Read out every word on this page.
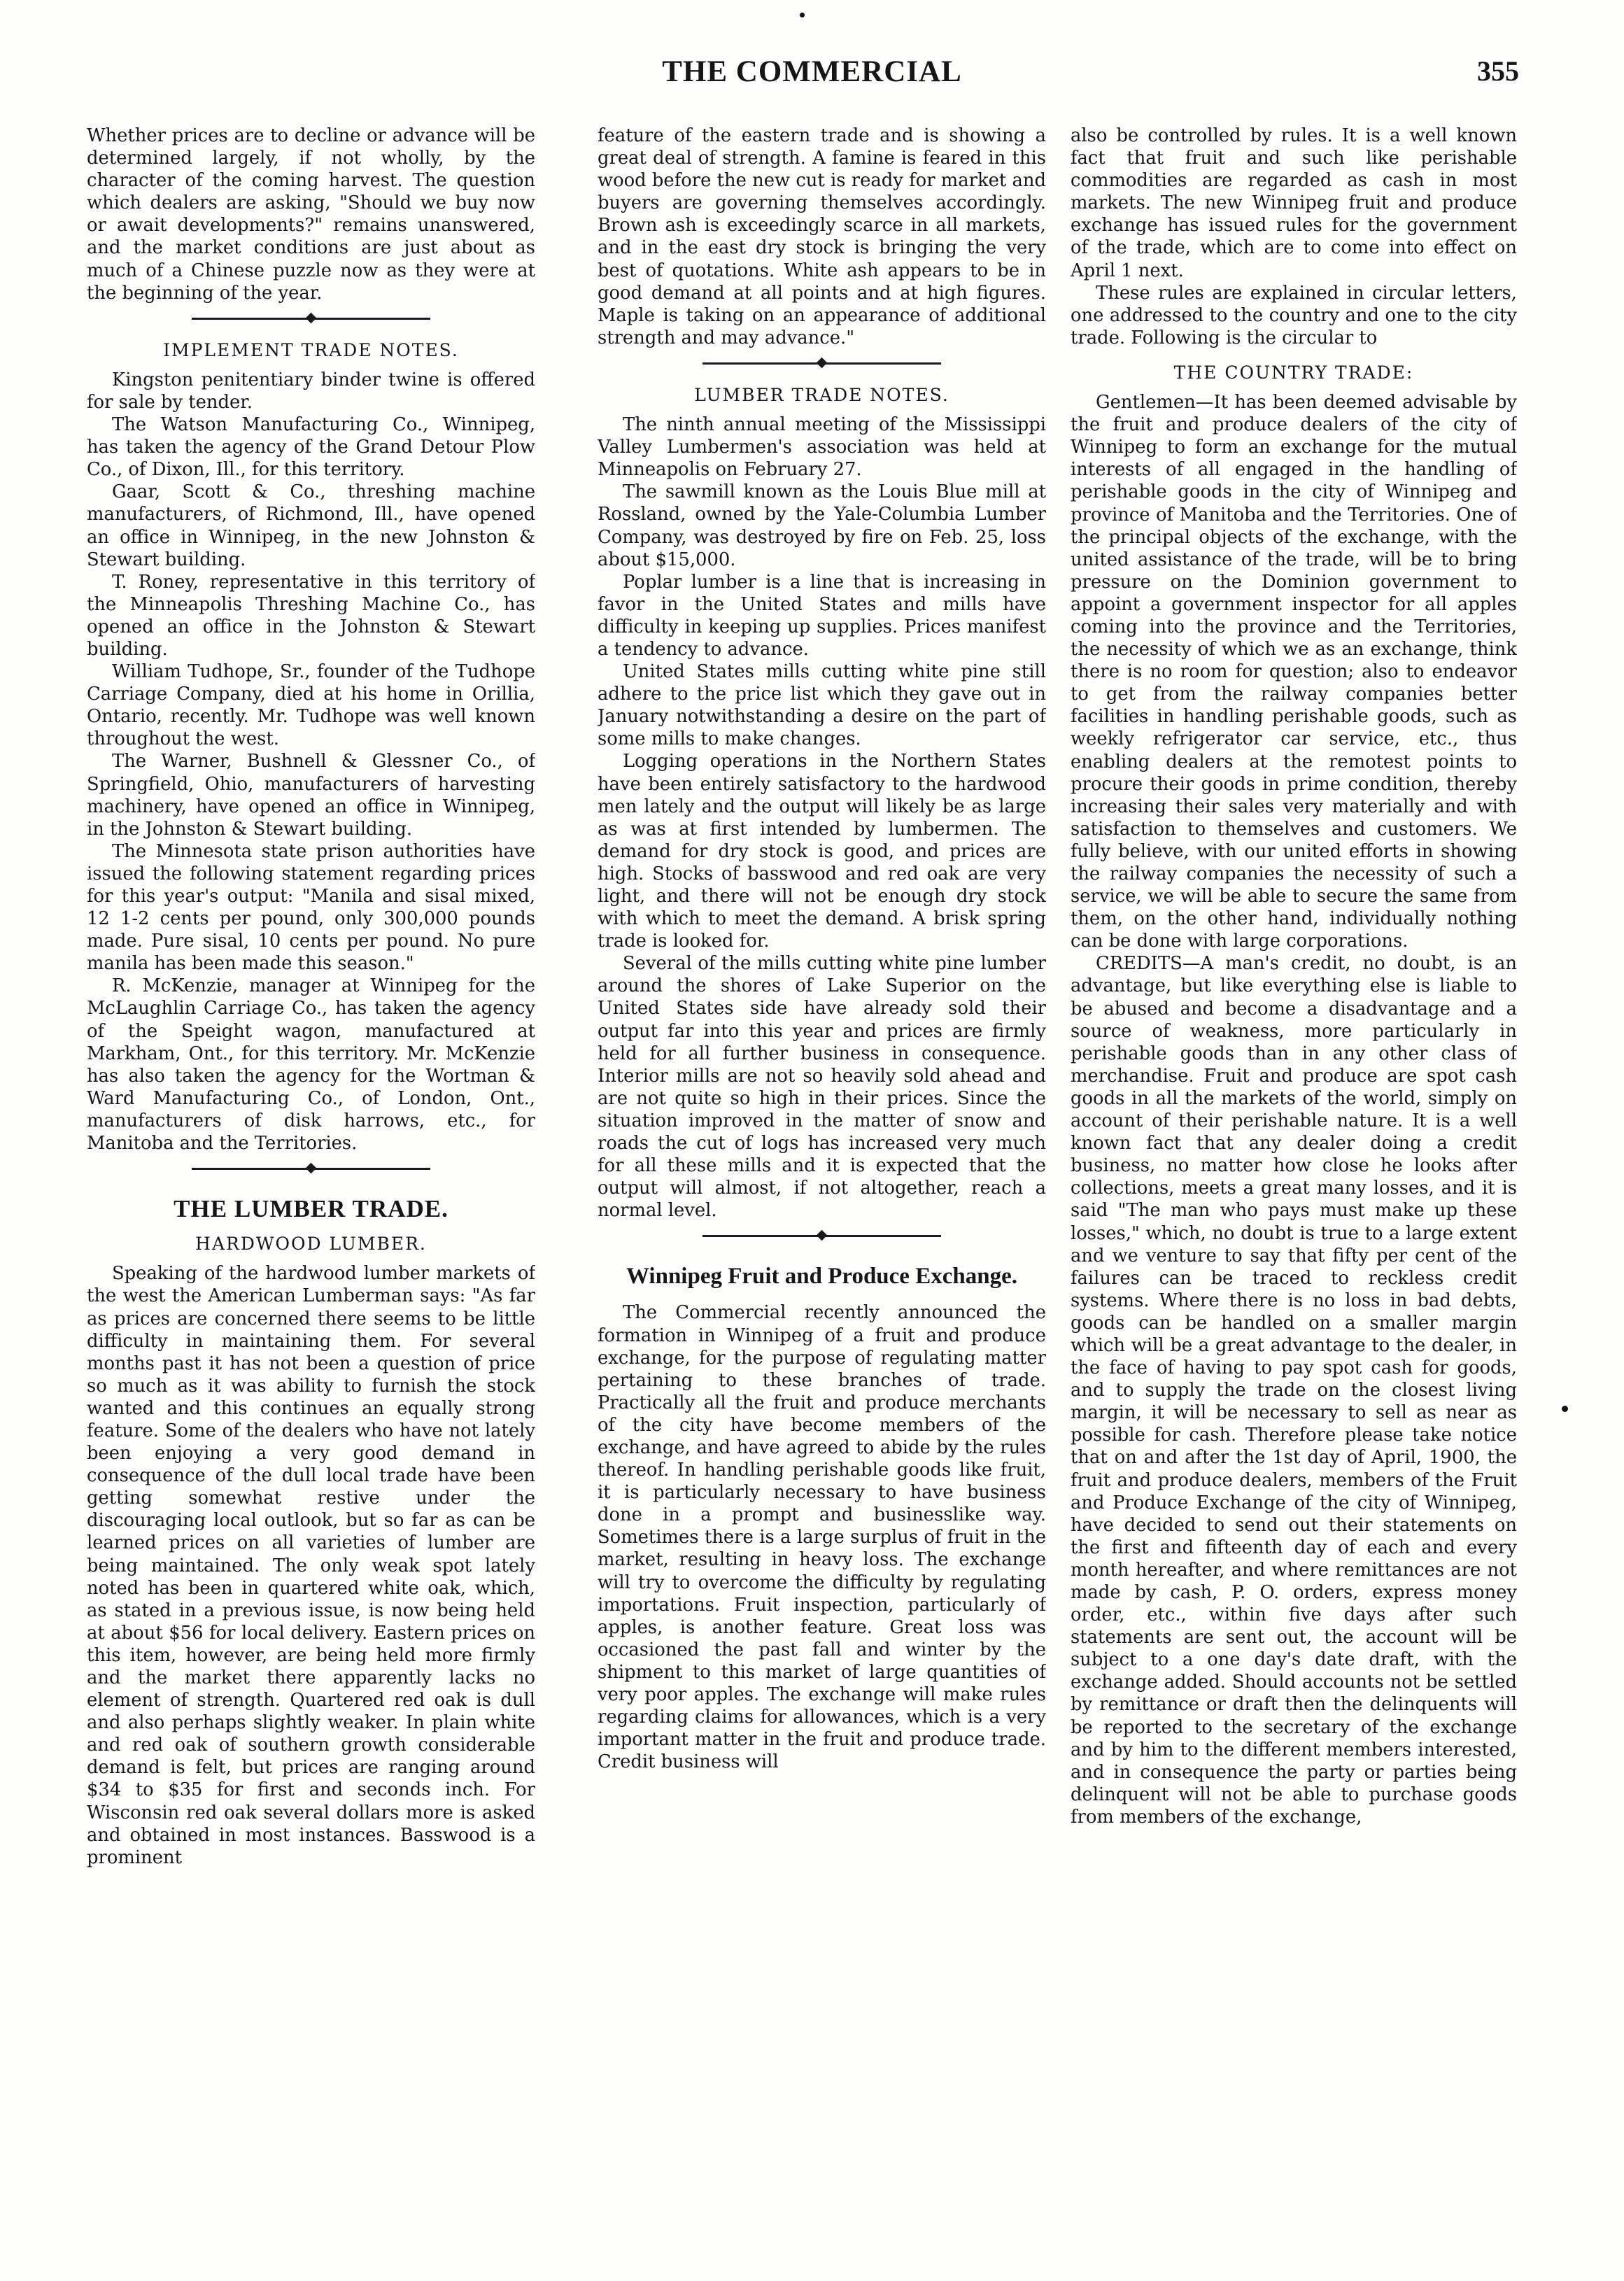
THE COMMERCIAL	355

Whether prices are to decline or advance will be determined largely, if not wholly, by the character of the coming harvest. The question which dealers are asking, "Should we buy now or await developments?" remains unanswered, and the market conditions are just about as much of a Chinese puzzle now as they were at the beginning of the year.

IMPLEMENT TRADE NOTES.

Kingston penitentiary binder twine is offered for sale by tender.

The Watson Manufacturing Co., Winnipeg, has taken the agency of the Grand Detour Plow Co., of Dixon, Ill., for this territory.

Gaar, Scott & Co., threshing machine manufacturers, of Richmond, Ill., have opened an office in Winnipeg, in the new Johnston & Stewart building.

T. Roney, representative in this territory of the Minneapolis Threshing Machine Co., has opened an office in the Johnston & Stewart building.

William Tudhope, Sr., founder of the Tudhope Carriage Company, died at his home in Orillia, Ontario, recently. Mr. Tudhope was well known throughout the west.

The Warner, Bushnell & Glessner Co., of Springfield, Ohio, manufacturers of harvesting machinery, have opened an office in Winnipeg, in the Johnston & Stewart building.

The Minnesota state prison authorities have issued the following statement regarding prices for this year's output: "Manila and sisal mixed, 12 1-2 cents per pound, only 300,000 pounds made. Pure sisal, 10 cents per pound. No pure manila has been made this season."

R. McKenzie, manager at Winnipeg for the McLaughlin Carriage Co., has taken the agency of the Speight wagon, manufactured at Markham, Ont., for this territory. Mr. McKenzie has also taken the agency for the Wortman & Ward Manufacturing Co., of London, Ont., manufacturers of disk harrows, etc., for Manitoba and the Territories.

THE LUMBER TRADE.
HARDWOOD LUMBER.

Speaking of the hardwood lumber markets of the west the American Lumberman says: "As far as prices are concerned there seems to be little difficulty in maintaining them. For several months past it has not been a question of price so much as it was ability to furnish the stock wanted and this continues an equally strong feature. Some of the dealers who have not lately been enjoying a very good demand in consequence of the dull local trade have been getting somewhat restive under the discouraging local outlook, but so far as can be learned prices on all varieties of lumber are being maintained. The only weak spot lately noted has been in quartered white oak, which, as stated in a previous issue, is now being held at about $56 for local delivery. Eastern prices on this item, however, are being held more firmly and the market there apparently lacks no element of strength. Quartered red oak is dull and also perhaps slightly weaker. In plain white and red oak of southern growth considerable demand is felt, but prices are ranging around $34 to $35 for first and seconds inch. For Wisconsin red oak several dollars more is asked and obtained in most instances. Basswood is a prominent

feature of the eastern trade and is showing a great deal of strength. A famine is feared in this wood before the new cut is ready for market and buyers are governing themselves accordingly. Brown ash is exceedingly scarce in all markets, and in the east dry stock is bringing the very best of quotations. White ash appears to be in good demand at all points and at high figures. Maple is taking on an appearance of additional strength and may advance."

LUMBER TRADE NOTES.

The ninth annual meeting of the Mississippi Valley Lumbermen's association was held at Minneapolis on February 27.

The sawmill known as the Louis Blue mill at Rossland, owned by the Yale-Columbia Lumber Company, was destroyed by fire on Feb. 25, loss about $15,000.

Poplar lumber is a line that is increasing in favor in the United States and mills have difficulty in keeping up supplies. Prices manifest a tendency to advance.

United States mills cutting white pine still adhere to the price list which they gave out in January notwithstanding a desire on the part of some mills to make changes.

Logging operations in the Northern States have been entirely satisfactory to the hardwood men lately and the output will likely be as large as was at first intended by lumbermen. The demand for dry stock is good, and prices are high. Stocks of basswood and red oak are very light, and there will not be enough dry stock with which to meet the demand. A brisk spring trade is looked for.

Several of the mills cutting white pine lumber around the shores of Lake Superior on the United States side have already sold their output far into this year and prices are firmly held for all further business in consequence. Interior mills are not so heavily sold ahead and are not quite so high in their prices. Since the situation improved in the matter of snow and roads the cut of logs has increased very much for all these mills and it is expected that the output will almost, if not altogether, reach a normal level.

Winnipeg Fruit and Produce Exchange.

The Commercial recently announced the formation in Winnipeg of a fruit and produce exchange, for the purpose of regulating matter pertaining to these branches of trade. Practically all the fruit and produce merchants of the city have become members of the exchange, and have agreed to abide by the rules thereof. In handling perishable goods like fruit, it is particularly necessary to have business done in a prompt and businesslike way. Sometimes there is a large surplus of fruit in the market, resulting in heavy loss. The exchange will try to overcome the difficulty by regulating importations. Fruit inspection, particularly of apples, is another feature. Great loss was occasioned the past fall and winter by the shipment to this market of large quantities of very poor apples. The exchange will make rules regarding claims for allowances, which is a very important matter in the fruit and produce trade. Credit business will

also be controlled by rules. It is a well known fact that fruit and such like perishable commodities are regarded as cash in most markets. The new Winnipeg fruit and produce exchange has issued rules for the government of the trade, which are to come into effect on April 1 next.

These rules are explained in circular letters, one addressed to the country and one to the city trade. Following is the circular to

THE COUNTRY TRADE:

Gentlemen—It has been deemed advisable by the fruit and produce dealers of the city of Winnipeg to form an exchange for the mutual interests of all engaged in the handling of perishable goods in the city of Winnipeg and province of Manitoba and the Territories. One of the principal objects of the exchange, with the united assistance of the trade, will be to bring pressure on the Dominion government to appoint a government inspector for all apples coming into the province and the Territories, the necessity of which we as an exchange, think there is no room for question; also to endeavor to get from the railway companies better facilities in handling perishable goods, such as weekly refrigerator car service, etc., thus enabling dealers at the remotest points to procure their goods in prime condition, thereby increasing their sales very materially and with satisfaction to themselves and customers. We fully believe, with our united efforts in showing the railway companies the necessity of such a service, we will be able to secure the same from them, on the other hand, individually nothing can be done with large corporations.

CREDITS—A man's credit, no doubt, is an advantage, but like everything else is liable to be abused and become a disadvantage and a source of weakness, more particularly in perishable goods than in any other class of merchandise. Fruit and produce are spot cash goods in all the markets of the world, simply on account of their perishable nature. It is a well known fact that any dealer doing a credit business, no matter how close he looks after collections, meets a great many losses, and it is said "The man who pays must make up these losses," which, no doubt is true to a large extent and we venture to say that fifty per cent of the failures can be traced to reckless credit systems. Where there is no loss in bad debts, goods can be handled on a smaller margin which will be a great advantage to the dealer, in the face of having to pay spot cash for goods, and to supply the trade on the closest living margin, it will be necessary to sell as near as possible for cash. Therefore please take notice that on and after the 1st day of April, 1900, the fruit and produce dealers, members of the Fruit and Produce Exchange of the city of Winnipeg, have decided to send out their statements on the first and fifteenth day of each and every month hereafter, and where remittances are not made by cash, P. O. orders, express money order, etc., within five days after such statements are sent out, the account will be subject to a one day's date draft, with the exchange added. Should accounts not be settled by remittance or draft then the delinquents will be reported to the secretary of the exchange and by him to the different members interested, and in consequence the party or parties being delinquent will not be able to purchase goods from members of the exchange,
